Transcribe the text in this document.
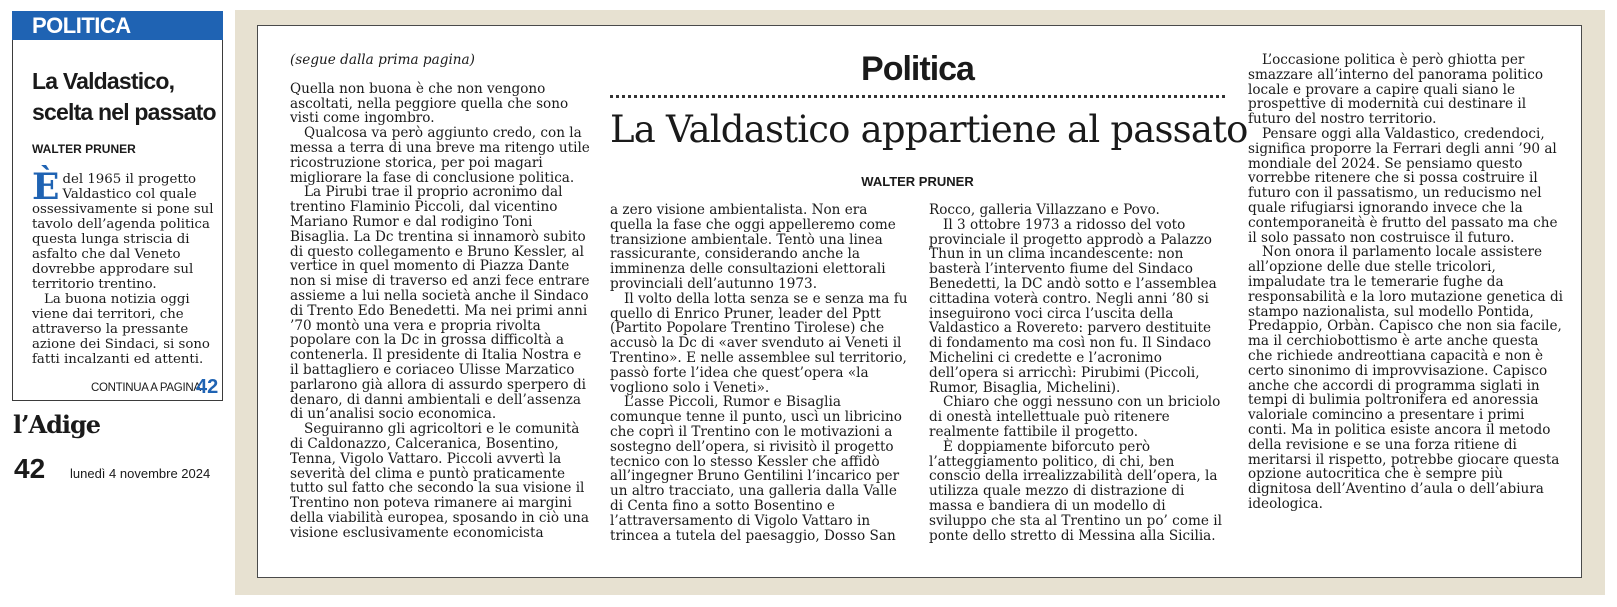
POLITICA
La Valdastico, scelta nel passato
WALTER PRUNER

Èdel 1965 il progetto Valdastico col quale ossessivamente si pone sul tavolo dell’agenda politica questa lunga striscia di asfalto che dal Veneto dovrebbe approdare sul territorio trentino.

La buona notizia oggi viene dai territori, che attraverso la pressante azione dei Sindaci, si sono fatti incalzanti ed attenti.

CONTINUA A PAGINA
42
l’Adige
42 lunedì 4 novembre 2024
Politica
La Valdastico appartiene al passato
WALTER PRUNER

(segue dalla prima pagina)

Quella non buona è che non vengono ascoltati, nella peggiore quella che sono visti come ingombro.

Qualcosa va però aggiunto credo, con la messa a terra di una breve ma ritengo utile ricostruzione storica, per poi magari migliorare la fase di conclusione politica.

La Pirubi trae il proprio acronimo dal trentino Flaminio Piccoli, dal vicentino Mariano Rumor e dal rodigino Toni Bisaglia. La Dc trentina si innamorò subito di questo collegamento e Bruno Kessler, al vertice in quel momento di Piazza Dante non si mise di traverso ed anzi fece entrare assieme a lui nella società anche il Sindaco di Trento Edo Benedetti. Ma nei primi anni ’70 montò una vera e propria rivolta popolare con la Dc in grossa difficoltà a contenerla. Il presidente di Italia Nostra e il battagliero e coriaceo Ulisse Marzatico parlarono già allora di assurdo sperpero di denaro, di danni ambientali e dell’assenza di un’analisi socio economica.

Seguiranno gli agricoltori e le comunità di Caldonazzo, Calceranica, Bosentino, Tenna, Vigolo Vattaro. Piccoli avvertì la severità del clima e puntò praticamente tutto sul fatto che secondo la sua visione il Trentino non poteva rimanere ai margini della viabilità europea, sposando in ciò una visione esclusivamente economicista

a zero visione ambientalista. Non era quella la fase che oggi appelleremo come transizione ambientale. Tentò una linea rassicurante, considerando anche la imminenza delle consultazioni elettorali provinciali dell’autunno 1973.

Il volto della lotta senza se e senza ma fu quello di Enrico Pruner, leader del Pptt (Partito Popolare Trentino Tirolese) che accusò la Dc di «aver svenduto ai Veneti il Trentino». E nelle assemblee sul territorio, passò forte l’idea che quest’opera «la vogliono solo i Veneti».

L’asse Piccoli, Rumor e Bisaglia comunque tenne il punto, uscì un libricino che coprì il Trentino con le motivazioni a sostegno dell’opera, si rivisitò il progetto tecnico con lo stesso Kessler che affidò all’ingegner Bruno Gentilini l’incarico per un altro tracciato, una galleria dalla Valle di Centa fino a sotto Bosentino e l’attraversamento di Vigolo Vattaro in trincea a tutela del paesaggio, Dosso San

Rocco, galleria Villazzano e Povo.

Il 3 ottobre 1973 a ridosso del voto provinciale il progetto approdò a Palazzo Thun in un clima incandescente: non basterà l’intervento fiume del Sindaco Benedetti, la DC andò sotto e l’assemblea cittadina voterà contro. Negli anni ’80 si inseguirono voci circa l’uscita della Valdastico a Rovereto: parvero destituite di fondamento ma così non fu. Il Sindaco Michelini ci credette e l’acronimo dell’opera si arricchì: Pirubimi (Piccoli, Rumor, Bisaglia, Michelini).

Chiaro che oggi nessuno con un briciolo di onestà intellettuale può ritenere realmente fattibile il progetto.

È doppiamente biforcuto però l’atteggiamento politico, di chi, ben conscio della irrealizzabilità dell’opera, la utilizza quale mezzo di distrazione di massa e bandiera di un modello di sviluppo che sta al Trentino un po’ come il ponte dello stretto di Messina alla Sicilia.

L’occasione politica è però ghiotta per smazzare all’interno del panorama politico locale e provare a capire quali siano le prospettive di modernità cui destinare il futuro del nostro territorio.

Pensare oggi alla Valdastico, credendoci, significa proporre la Ferrari degli anni ’90 al mondiale del 2024. Se pensiamo questo vorrebbe ritenere che si possa costruire il futuro con il passatismo, un reducismo nel quale rifugiarsi ignorando invece che la contemporaneità è frutto del passato ma che il solo passato non costruisce il futuro.

Non onora il parlamento locale assistere all’opzione delle due stelle tricolori, impaludate tra le temerarie fughe da responsabilità e la loro mutazione genetica di stampo nazionalista, sul modello Pontida, Predappio, Orbàn. Capisco che non sia facile, ma il cerchiobottismo è arte anche questa che richiede andreottiana capacità e non è certo sinonimo di improvvisazione. Capisco anche che accordi di programma siglati in tempi di bulimia poltronifera ed anoressia valoriale comincino a presentare i primi conti. Ma in politica esiste ancora il metodo della revisione e se una forza ritiene di meritarsi il rispetto, potrebbe giocare questa opzione autocritica che è sempre più dignitosa dell’Aventino d’aula o dell’abiura ideologica.
